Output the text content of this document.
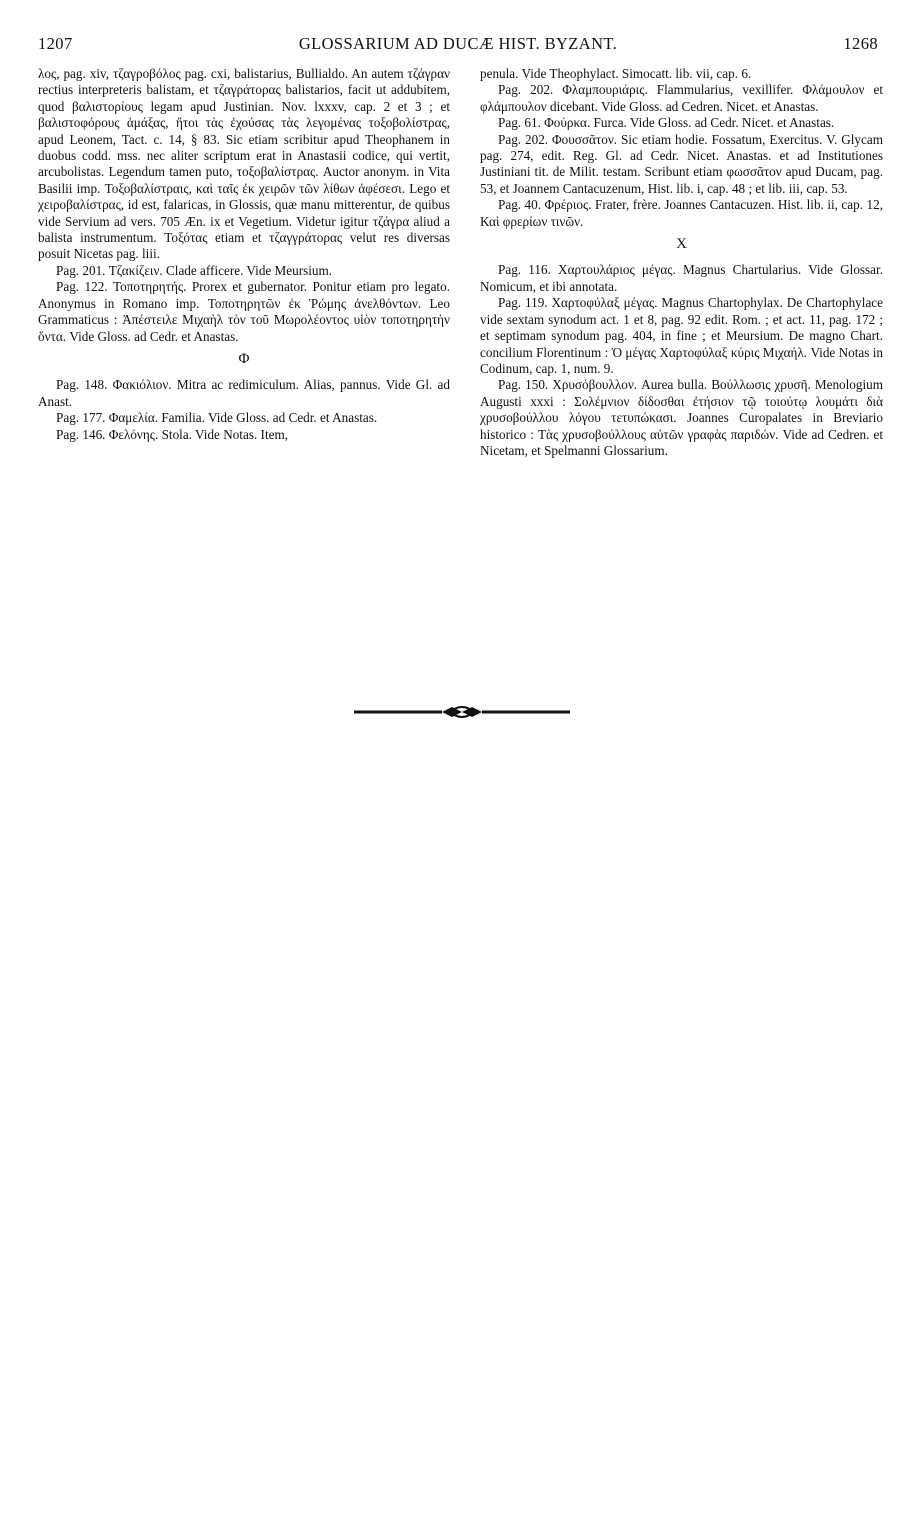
1207	GLOSSARIUM AD DUCÆ HIST. BYZANT.	1268

λος, pag. xiv, τζαγροβόλος pag. cxi, balistarius, Bullialdo. An autem τζάγραν rectius interpreteris balistam, et τζαγράτορας balistarios, facit ut addubitem, quod βαλιστορίους legam apud Justinian. Nov. lxxxv, cap. 2 et 3 ; et βαλιστοφόρους ἁμάξας, ἤτοι τὰς ἐχούσας τὰς λεγομένας τοξοβολίστρας, apud Leonem, Tact. c. 14, § 83. Sic etiam scribitur apud Theophanem in duobus codd. mss. nec aliter scriptum erat in Anastasii codice, qui vertit, arcubolistas. Legendum tamen puto, τοξοβαλίστρας. Auctor anonym. in Vita Basilii imp. Τοξοβαλίστραις, καὶ ταῖς ἐκ χειρῶν τῶν λίθων ἀφέσεσι. Lego et χειροβαλίστρας, id est, falaricas, in Glossis, quæ manu mitterentur, de quibus vide Servium ad vers. 705 Æn. ix et Vegetium. Videtur igitur τζάγρα aliud a balista instrumentum. Τοξότας etiam et τζαγγράτορας velut res diversas posuit Nicetas pag. liii.

Pag. 201. Τζακίζειν. Clade afficere. Vide Meursium.

Pag. 122. Τοποτηρητής. Prorex et gubernator. Ponitur etiam pro legato. Anonymus in Romano imp. Τοποτηρητῶν ἐκ Ῥώμης ἀνελθόντων. Leo Grammaticus : Ἀπέστειλε Μιχαὴλ τὸν τοῦ Μωρολέοντος υἱὸν τοποτηρητὴν ὄντα. Vide Gloss. ad Cedr. et Anastas.

Φ

Pag. 148. Φακιόλιον. Mitra ac redimiculum. Alias, pannus. Vide Gl. ad Anast.

Pag. 177. Φαμελία. Familia. Vide Gloss. ad Cedr. et Anastas.

Pag. 146. Φελόνης. Stola. Vide Notas. Item,

penula. Vide Theophylact. Simocatt. lib. vii, cap. 6.

Pag. 202. Φλαμπουριάρις. Flammularius, vexillifer. Φλάμουλον et φλάμπουλον dicebant. Vide Gloss. ad Cedren. Nicet. et Anastas.

Pag. 61. Φούρκα. Furca. Vide Gloss. ad Cedr. Nicet. et Anastas.

Pag. 202. Φουσσᾶτον. Sic etiam hodie. Fossatum, Exercitus. V. Glycam pag. 274, edit. Reg. Gl. ad Cedr. Nicet. Anastas. et ad Institutiones Justiniani tit. de Milit. testam. Scribunt etiam φωσσᾶτον apud Ducam, pag. 53, et Joannem Cantacuzenum, Hist. lib. i, cap. 48 ; et lib. iii, cap. 53.

Pag. 40. Φρέριος. Frater, frère. Joannes Cantacuzen. Hist. lib. ii, cap. 12, Καὶ φρερίων τινῶν.

X

Pag. 116. Χαρτουλάριος μέγας. Magnus Chartularius. Vide Glossar. Nomicum, et ibi annotata.

Pag. 119. Χαρτοφύλαξ μέγας. Magnus Chartophylax. De Chartophylace vide sextam synodum act. 1 et 8, pag. 92 edit. Rom. ; et act. 11, pag. 172 ; et septimam synodum pag. 404, in fine ; et Meursium. De magno Chart. concilium Florentinum : Ὁ μέγας Χαρτοφύλαξ κύρις Μιχαήλ. Vide Notas in Codinum, cap. 1, num. 9.

Pag. 150. Χρυσόβουλλον. Aurea bulla. Βούλλωσις χρυσῆ. Menologium Augusti xxxi : Σολέμνιον δίδοσθαι ἐτήσιον τῷ τοιούτῳ λουμάτι διὰ χρυσοβούλλου λόγου τετυπώκασι. Joannes Curopalates in Breviario historico : Τὰς χρυσοβούλλους αὐτῶν γραφὰς παριδών. Vide ad Cedren. et Nicetam, et Spelmanni Glossarium.
